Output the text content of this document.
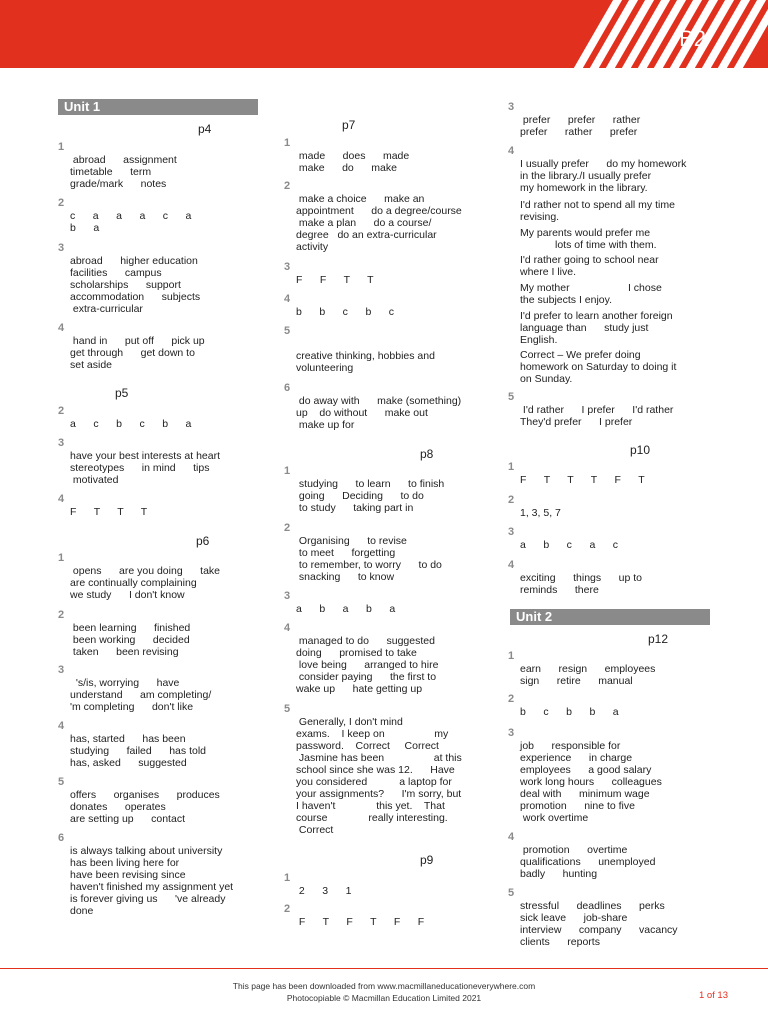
B2
Unit 1
p4
1
abroad      assignment
timetable      term
grade/mark      notes
2
c      a      a      a      c      a
b      a
3
abroad      higher education
facilities      campus
scholarships      support
accommodation      subjects
extra-curricular
4
hand in      put off      pick up
get through      get down to
set aside
2
a      c      b      c      b      a
3
have your best interests at heart
stereotypes      in mind      tips
motivated
4
F      T      T      T
1
opens      are you doing      take
are continually complaining
we study      I don't know
2
been learning      finished
been working      decided
taken      been revising
3
's/is, worrying      have
understand      am completing/
'm completing      don't like
4
has, started      has been
studying      failed      has told
has, asked      suggested
5
offers      organises      produces
donates      operates
are setting up      contact
6
is always talking about university
has been living here for
have been revising since
haven't finished my assignment yet
is forever giving us      've already
done
1
made      does      made
make      do      make
2
make a choice      make an
appointment      do a degree/course
make a plan      do a course/
degree   do an extra-curricular
activity
3
F      F      T      T
4
b      b      c      b      c
5
creative thinking, hobbies and
volunteering
6
do away with      make (something)
up    do without      make out
make up for
1
studying      to learn      to finish
going      Deciding      to do
to study      taking part in
2
Organising      to revise
to meet      forgetting
to remember, to worry      to do
snacking      to know
3
a      b      a      b      a
4
managed to do      suggested
doing      promised to take
love being      arranged to hire
consider paying      the first to
wake up      hate getting up
5
Generally, I don't mind
exams.    I keep on                 my
password.    Correct     Correct
Jasmine has been                 at this
school since she was 12.      Have
you considered           a laptop for
your assignments?      I'm sorry, but
I haven't              this yet.    That
course              really interesting.
Correct
1
2      3      1
2
F      T      F      T      F      F
3
prefer      prefer      rather
prefer      rather      prefer
4
I usually prefer      do my homework
in the library./I usually prefer
my homework in the library.
I'd rather not to spend all my time
revising.
My parents would prefer me
lots of time with them.
I'd rather going to school near
where I live.
My mother                    I chose
the subjects I enjoy.
I'd prefer to learn another foreign
language than      study just
English.
Correct – We prefer doing
homework on Saturday to doing it
on Sunday.
5
I'd rather      I prefer      I'd rather
They'd prefer      I prefer
1
F      T      T      T      F      T
2
1, 3, 5, 7
3
a      b      c      a      c
4
exciting      things      up to
reminds      there
1
earn      resign      employees
sign      retire      manual
2
b      c      b      b      a
3
job      responsible for
experience      in charge
employees      a good salary
work long hours      colleagues
deal with      minimum wage
promotion      nine to five
work overtime
4
promotion      overtime
qualifications      unemployed
badly      hunting
5
stressful      deadlines      perks
sick leave      job-share
interview      company      vacancy
clients      reports
p5
p6
p7
p8
p9
p10
Unit 2
p12
This page has been downloaded from www.macmillaneducationeverywhere.com
Photocopiable © Macmillan Education Limited 2021	1 of 13
